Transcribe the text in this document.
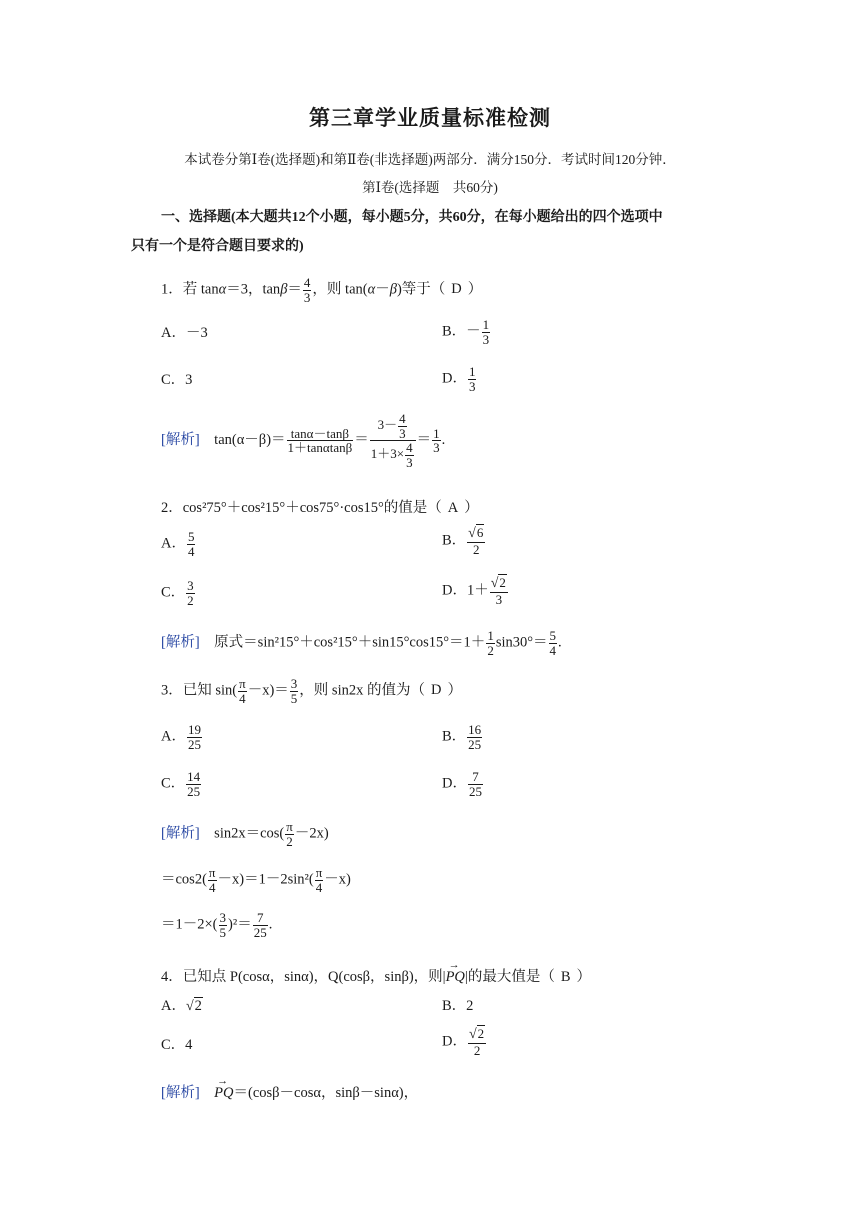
第三章学业质量标准检测
本试卷分第Ⅰ卷(选择题)和第Ⅱ卷(非选择题)两部分．满分150分．考试时间120分钟．
第Ⅰ卷(选择题　共60分)
一、选择题(本大题共12个小题，每小题5分，共60分，在每小题给出的四个选项中
只有一个是符合题目要求的)
1．若 tanα＝3，$\tan\beta= \frac{4}{3}$ ，则 tan(α－β)等于（ D ）
A．－3	B．－ $\frac{1}{3}$
C．3	D． $\frac{1}{3}$
[解析] $\tan(\alpha-\beta)= \frac{\tan\alpha-\tan\beta}{1+\tan\alpha\tan\beta} = \frac{3- \frac{4}{3}}{1+3\times \frac{4}{3}} = \frac{1}{3}$ .
2．cos²75°＋cos²15°＋cos75°·cos15°的值是（ A ）
A． $\frac{5}{4}$	B． $\frac{√6}{2}$
C． $\frac{3}{2}$	D．$1+ \frac{√2}{3}$
[解析] 原式$=\sin^215^\circ+\cos^215^\circ+\sin 15^\circ\cos 15^\circ=1+ \frac{1}{2} \sin 30^\circ= \frac{5}{4}$ .
3．已知 $\sin( \frac{\pi}{4} -x)= \frac{3}{5}$ ，则 sin2x 的值为（ D ）
A． $\frac{19}{25}$	B． $\frac{16}{25}$
C． $\frac{14}{25}$	D． $\frac{7}{25}$
[解析] $\sin 2x=\cos( \frac{\pi}{2} -2x)$
$=\cos 2( \frac{\pi}{4} -x)=1-2\sin^2( \frac{\pi}{4} -x)$
$=1-2\times( \frac{3}{5} )^2= \frac{7}{25}$ .
4．已知点 P(cosα，sinα)，Q(cosβ，sinβ)，则|→ PQ|的最大值是（ B ）
A．√2	B．2
C．4	D． $\frac{√2}{2}$
[解析]    → PQ＝(cosβ－cosα，sinβ－sinα)，
